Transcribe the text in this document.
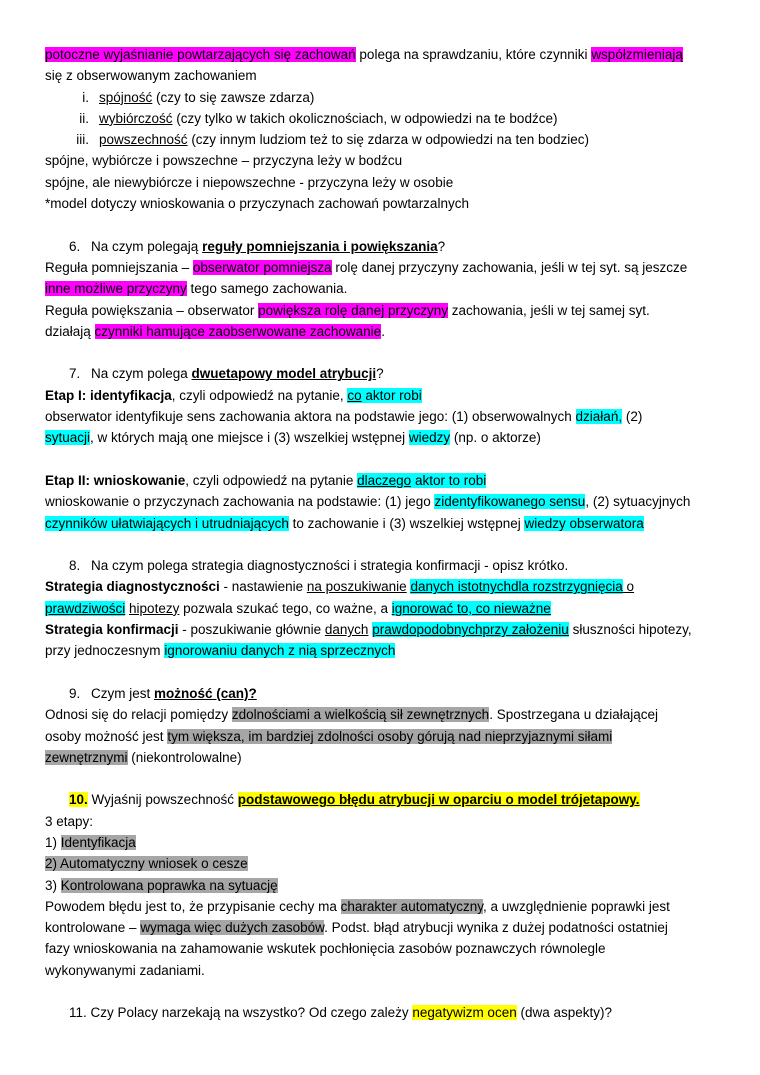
potoczne wyjaśnianie powtarzających się zachowań polega na sprawdzaniu, które czynniki współzmieniają
się z obserwowanym zachowaniem
i. spójność (czy to się zawsze zdarza)
ii. wybiórczość (czy tylko w takich okolicznościach, w odpowiedzi na te bodźce)
iii. powszechność (czy innym ludziom też to się zdarza w odpowiedzi na ten bodziec)
spójne, wybiórcze i powszechne – przyczyna leży w bodźcu
spójne, ale niewybiórcze i niepowszechne - przyczyna leży w osobie
*model dotyczy wnioskowania o przyczynach zachowań powtarzalnych
6. Na czym polegają reguły pomniejszania i powiększania?
Reguła pomniejszania – obserwator pomniejsza rolę danej przyczyny zachowania, jeśli w tej syt. są jeszcze
inne możliwe przyczyny tego samego zachowania.
Reguła powiększania – obserwator powiększa rolę danej przyczyny zachowania, jeśli w tej samej syt.
działają czynniki hamujące zaobserwowane zachowanie.
7. Na czym polega dwuetapowy model atrybucji?
Etap I: identyfikacja, czyli odpowiedź na pytanie, co aktor robi
obserwator identyfikuje sens zachowania aktora na podstawie jego: (1) obserwowalnych działań, (2)
sytuacji, w których mają one miejsce i (3) wszelkiej wstępnej wiedzy (np. o aktorze)
Etap II: wnioskowanie, czyli odpowiedź na pytanie dlaczego aktor to robi
wnioskowanie o przyczynach zachowania na podstawie: (1) jego zidentyfikowanego sensu, (2) sytuacyjnych
czynników ułatwiających i utrudniających to zachowanie i (3) wszelkiej wstępnej wiedzy obserwatora
8. Na czym polega strategia diagnostyczności i strategia konfirmacji - opisz krótko.
Strategia diagnostyczności - nastawienie na poszukiwanie danych istotnychdla rozstrzygnięcia o
prawdziwości hipotezy pozwala szukać tego, co ważne, a ignorować to, co nieważne
Strategia konfirmacji - poszukiwanie głównie danych prawdopodobnychprzy założeniu słuszności hipotezy,
przy jednoczesnym ignorowaniu danych z nią sprzecznych
9. Czym jest możność (can)?
Odnosi się do relacji pomiędzy zdolnościami a wielkością sił zewnętrznych. Spostrzegana u działającej
osoby możność jest tym większa, im bardziej zdolności osoby górują nad nieprzyjaznymi siłami
zewnętrznymi (niekontrolowalne)
10. Wyjaśnij powszechność podstawowego błędu atrybucji w oparciu o model trójetapowy.
3 etapy:
1) Identyfikacja
2) Automatyczny wniosek o cesze
3) Kontrolowana poprawka na sytuację
Powodem błędu jest to, że przypisanie cechy ma charakter automatyczny, a uwzględnienie poprawki jest
kontrolowane – wymaga więc dużych zasobów. Podst. błąd atrybucji wynika z dużej podatności ostatniej
fazy wnioskowania na zahamowanie wskutek pochłonięcia zasobów poznawczych równolegle
wykonywanymi zadaniami.
11. Czy Polacy narzekają na wszystko? Od czego zależy negatywizm ocen (dwa aspekty)?
